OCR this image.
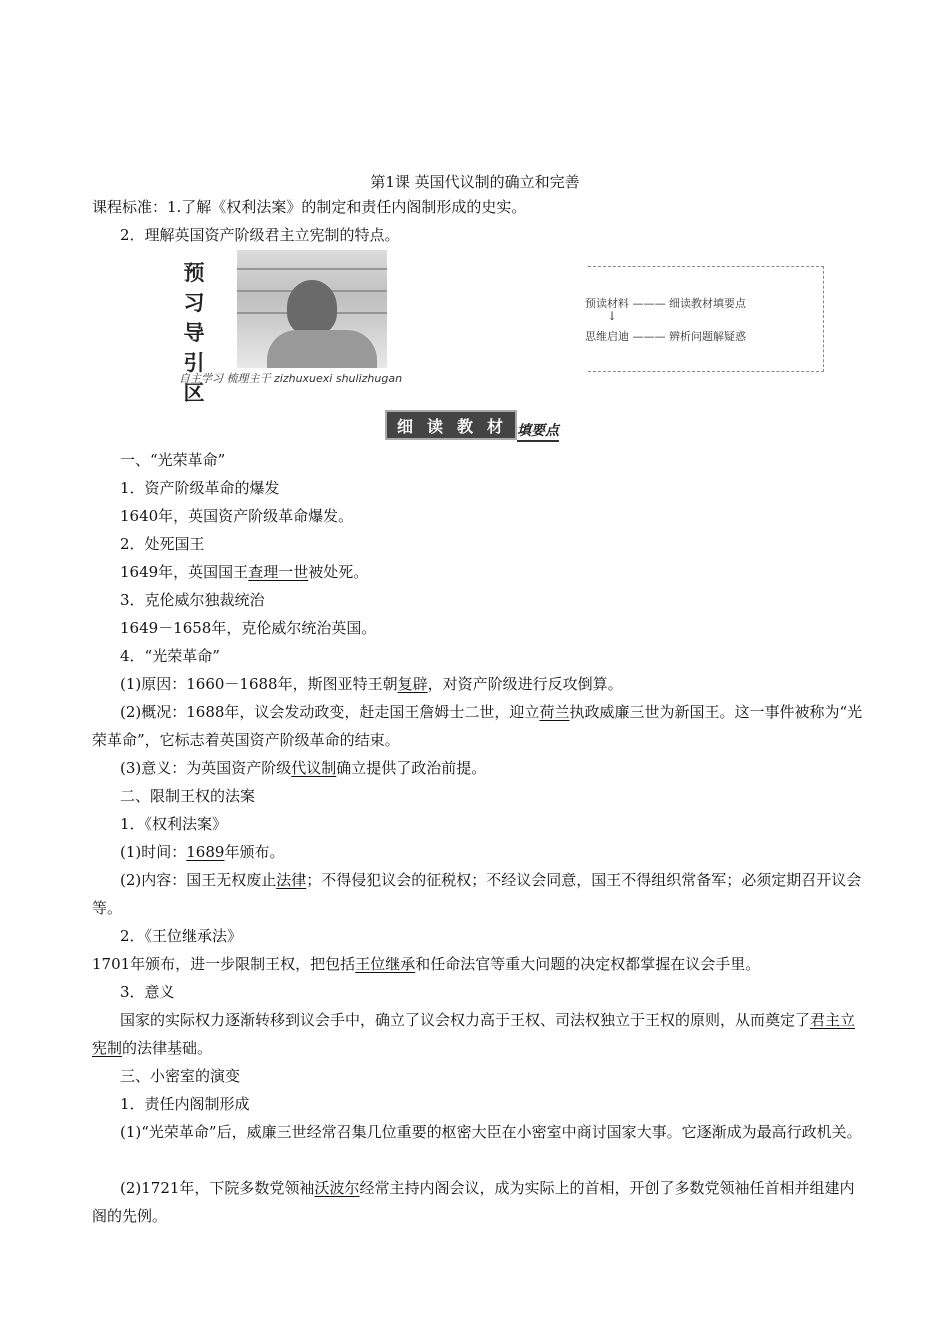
第1课 英国代议制的确立和完善
课程标准：1.了解《权利法案》的制定和责任内阁制形成的史实。
2．理解英国资产阶级君主立宪制的特点。
预
习
导
引
区
自主学习 梳理主干 zizhuxuexi shulizhugan
预读材料 ——— 细读教材填要点
↓
思维启迪 ——— 辨析问题解疑惑
细 读 教 材	填要点
一、“光荣革命”
1．资产阶级革命的爆发
1640年，英国资产阶级革命爆发。
2．处死国王
1649年，英国国王查理一世被处死。
3．克伦威尔独裁统治
1649－1658年，克伦威尔统治英国。
4．“光荣革命”
(1)原因：1660－1688年，斯图亚特王朝复辟，对资产阶级进行反攻倒算。
(2)概况：1688年，议会发动政变，赶走国王詹姆士二世，迎立荷兰执政威廉三世为新国王。这一事件被称为“光荣革命”，它标志着英国资产阶级革命的结束。
(3)意义：为英国资产阶级代议制确立提供了政治前提。
二、限制王权的法案
1．《权利法案》
(1)时间：1689年颁布。
(2)内容：国王无权废止法律；不得侵犯议会的征税权；不经议会同意，国王不得组织常备军；必须定期召开议会等。
2．《王位继承法》
1701年颁布，进一步限制王权，把包括王位继承和任命法官等重大问题的决定权都掌握在议会手里。
3．意义
国家的实际权力逐渐转移到议会手中，确立了议会权力高于王权、司法权独立于王权的原则，从而奠定了君主立宪制的法律基础。
三、小密室的演变
1．责任内阁制形成
(1)“光荣革命”后，威廉三世经常召集几位重要的枢密大臣在小密室中商讨国家大事。它逐渐成为最高行政机关。
(2)1721年，下院多数党领袖沃波尔经常主持内阁会议，成为实际上的首相，开创了多数党领袖任首相并组建内阁的先例。
